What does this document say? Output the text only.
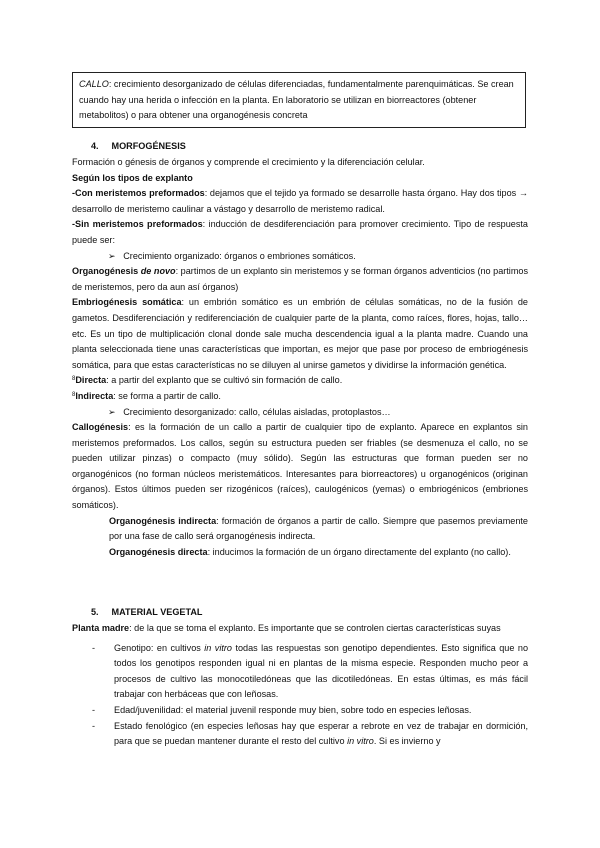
CALLO: crecimiento desorganizado de células diferenciadas, fundamentalmente parenquimáticas. Se crean cuando hay una herida o infección en la planta. En laboratorio se utilizan en biorreactores (obtener metabolitos) o para obtener una organogénesis concreta
4. MORFOGÉNESIS

Formación o génesis de órganos y comprende el crecimiento y la diferenciación celular.

Según los tipos de explanto

-Con meristemos preformados: dejamos que el tejido ya formado se desarrolle hasta órgano. Hay dos tipos → desarrollo de meristemo caulinar a vástago y desarrollo de meristemo radical.

-Sin meristemos preformados: inducción de desdiferenciación para promover crecimiento. Tipo de respuesta puede ser:

➢ Crecimiento organizado: órganos o embriones somáticos.

Organogénesis de novo: partimos de un explanto sin meristemos y se forman órganos adventicios (no partimos de meristemos, pero da aun así órganos)

Embriogénesis somática: un embrión somático es un embrión de células somáticas, no de la fusión de gametos. Desdiferenciación y rediferenciación de cualquier parte de la planta, como raíces, flores, hojas, tallo… etc. Es un tipo de multiplicación clonal donde sale mucha descendencia igual a la planta madre. Cuando una planta seleccionada tiene unas características que importan, es mejor que pase por proceso de embriogénesis somática, para que estas características no se diluyen al unirse gametos y dividirse la información genética.

$^8$Directa: a partir del explanto que se cultivó sin formación de callo.

$^8$Indirecta: se forma a partir de callo.

➢ Crecimiento desorganizado: callo, células aisladas, protoplastos…

Callogénesis: es la formación de un callo a partir de cualquier tipo de explanto. Aparece en explantos sin meristemos preformados. Los callos, según su estructura pueden ser friables (se desmenuza el callo, no se pueden utilizar pinzas) o compacto (muy sólido). Según las estructuras que forman pueden ser no organogénicos (no forman núcleos meristemáticos. Interesantes para biorreactores) u organogénicos (originan órganos). Estos últimos pueden ser rizogénicos (raíces), caulogénicos (yemas) o embriogénicos (embriones somáticos).

Organogénesis indirecta: formación de órganos a partir de callo. Siempre que pasemos previamente por una fase de callo será organogénesis indirecta.

Organogénesis directa: inducimos la formación de un órgano directamente del explanto (no callo).

5. MATERIAL VEGETAL

Planta madre: de la que se toma el explanto. Es importante que se controlen ciertas características suyas

- Genotipo: en cultivos in vitro todas las respuestas son genotipo dependientes. Esto significa que no todos los genotipos responden igual ni en plantas de la misma especie. Responden mucho peor a procesos de cultivo las monocotiledóneas que las dicotiledóneas. En estas últimas, es más fácil trabajar con herbáceas que con leñosas.

- Edad/juvenilidad: el material juvenil responde muy bien, sobre todo en especies leñosas.

- Estado fenológico (en especies leñosas hay que esperar a rebrote en vez de trabajar en dormición, para que se puedan mantener durante el resto del cultivo in vitro. Si es invierno y
